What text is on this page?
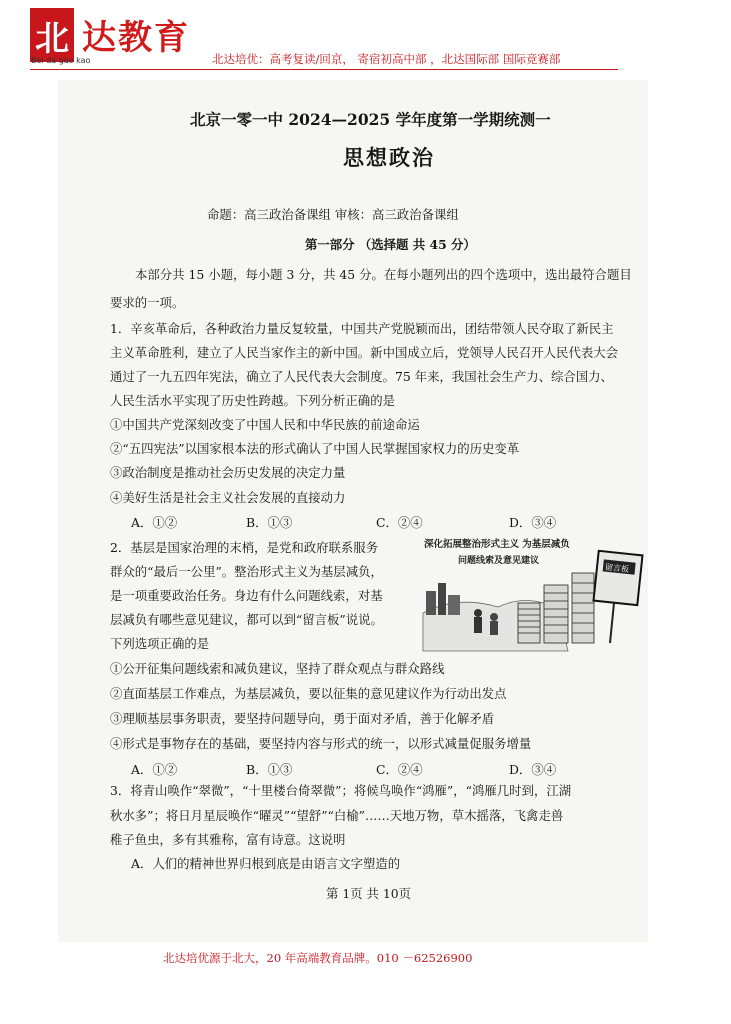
北 达教育
Bei da gao kao	北达培优：高考复读/回京， 寄宿初高中部 ，北达国际部 国际竞赛部
北京一零一中 2024—2025 学年度第一学期统测一
思想政治
命题：高三政治备课组 审核：高三政治备课组
第一部分 （选择题 共 45 分）
本部分共 15 小题，每小题 3 分，共 45 分。在每小题列出的四个选项中，选出最符合题目
要求的一项。
1．辛亥革命后，各种政治力量反复较量，中国共产党脱颖而出，团结带领人民夺取了新民主
主义革命胜利，建立了人民当家作主的新中国。新中国成立后，党领导人民召开人民代表大会
通过了一九五四年宪法，确立了人民代表大会制度。75 年来，我国社会生产力、综合国力、
人民生活水平实现了历史性跨越。下列分析正确的是
①中国共产党深刻改变了中国人民和中华民族的前途命运
②“五四宪法”以国家根本法的形式确认了中国人民掌握国家权力的历史变革
③政治制度是推动社会历史发展的决定力量
④美好生活是社会主义社会发展的直接动力
A．①②	B．①③	C．②④	D．③④
2．基层是国家治理的末梢，是党和政府联系服务
群众的“最后一公里”。整治形式主义为基层减负，
是一项重要政治任务。身边有什么问题线索，对基
层减负有哪些意见建议，都可以到“留言板”说说。
下列选项正确的是
①公开征集问题线索和减负建议，坚持了群众观点与群众路线
②直面基层工作难点，为基层减负，要以征集的意见建议作为行动出发点
③理顺基层事务职责，要坚持问题导向，勇于面对矛盾，善于化解矛盾
④形式是事物存在的基础，要坚持内容与形式的统一，以形式减量促服务增量
A．①②	B．①③	C．②④	D．③④
深化拓展整治形式主义 为基层减负
问题线索及意见建议
留言板
3．将青山唤作“翠微”，“十里楼台倚翠微”；将候鸟唤作“鸿雁”，“鸿雁几时到，江湖
秋水多”；将日月星辰唤作“曜灵”“望舒”“白榆”……天地万物，草木摇落，飞禽走兽
稚子鱼虫，多有其雅称，富有诗意。这说明
A．人们的精神世界归根到底是由语言文字塑造的
第 1页 共 10页
北达培优源于北大，20 年高端教育品牌。010 －62526900
